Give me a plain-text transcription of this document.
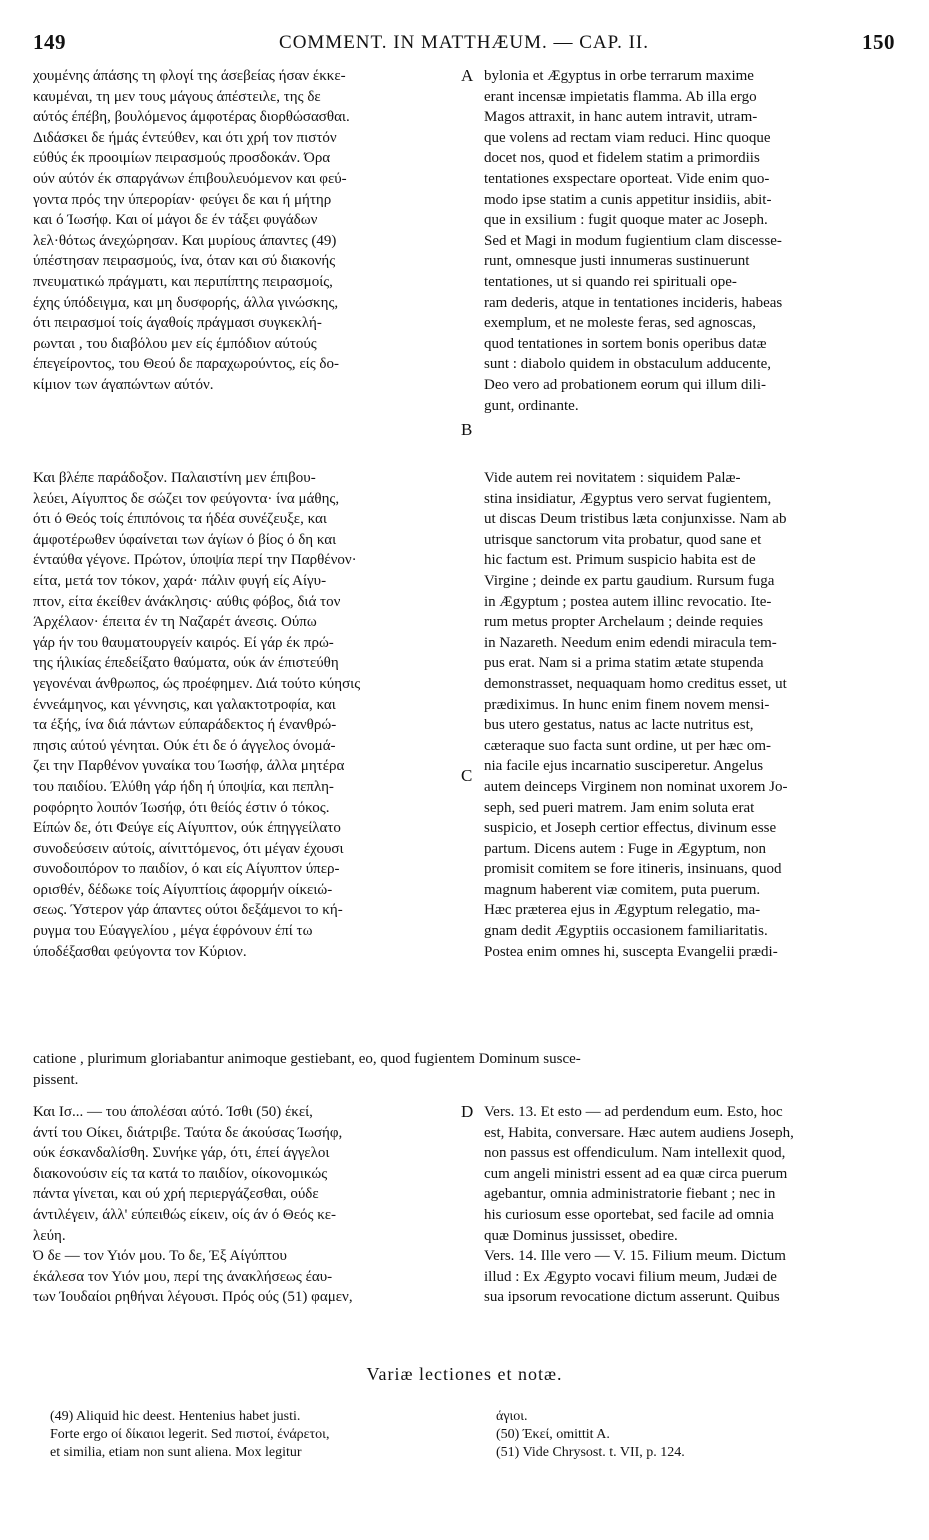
149	COMMENT. IN MATTHÆUM. — CAP. II.	150
A
B
C
D
χουμένης άπάσης τη φλογί της άσεβείας ήσαν έκκε-
καυμέναι, τη μεν τους μάγους άπέστειλε, της δε
αύτός έπέβη, βουλόμενος άμφοτέρας διορθώσασθαι.
Διδάσκει δε ήμάς έντεύθεν, και ότι χρή τον πιστόν
εύθύς έκ προοιμίων πειρασμούς προσδοκάν. Όρα
ούν αύτόν έκ σπαργάνων έπιβουλευόμενον και φεύ-
γοντα πρός την ύπερορίαν· φεύγει δε και ή μήτηρ
και ό Ίωσήφ. Και οί μάγοι δε έν τάξει φυγάδων
λελ·θότως άνεχώρησαν. Και μυρίους άπαντες (49)
ύπέστησαν πειρασμούς, ίνα, όταν και σύ διακονής
πνευματικώ πράγματι, και περιπίπτης πειρασμοίς,
έχης ύπόδειγμα, και μη δυσφορής, άλλα γινώσκης,
ότι πειρασμοί τοίς άγαθοίς πράγμασι συγκεκλή-
ρωνται , του διαβόλου μεν είς έμπόδιον αύτούς
έπεγείροντος, του Θεού δε παραχωρούντος, είς δο-
κίμιον των άγαπώντων αύτόν.
bylonia et Ægyptus in orbe terrarum maxime
erant incensæ impietatis flamma. Ab illa ergo
Magos attraxit, in hanc autem intravit, utram-
que volens ad rectam viam reduci. Hinc quoque
docet nos, quod et fidelem statim a primordiis
tentationes exspectare oporteat. Vide enim quo-
modo ipse statim a cunis appetitur insidiis, abit-
que in exsilium : fugit quoque mater ac Joseph.
Sed et Magi in modum fugientium clam discesse-
runt, omnesque justi innumeras sustinuerunt
tentationes, ut si quando rei spirituali ope-
ram dederis, atque in tentationes incideris, habeas
exemplum, et ne moleste feras, sed agnoscas,
quod tentationes in sortem bonis operibus datæ
sunt : diabolo quidem in obstaculum adducente,
Deo vero ad probationem eorum qui illum dili-
gunt, ordinante.
Και βλέπε παράδοξον. Παλαιστίνη μεν έπιβου-
λεύει, Αίγυπτος δε σώζει τον φεύγοντα· ίνα μάθης,
ότι ό Θεός τοίς έπιπόνοις τα ήδέα συνέζευξε, και
άμφοτέρωθεν ύφαίνεται των άγίων ό βίος ό δη και
ένταύθα γέγονε. Πρώτον, ύποψία περί την Παρθένον·
είτα, μετά τον τόκον, χαρά· πάλιν φυγή είς Αίγυ-
πτον, είτα έκείθεν άνάκλησις· αύθις φόβος, διά τον
Άρχέλαον· έπειτα έν τη Ναζαρέτ άνεσις. Ούπω
γάρ ήν του θαυματουργείν καιρός. Εί γάρ έκ πρώ-
της ήλικίας έπεδείξατο θαύματα, ούκ άν έπιστεύθη
γεγονέναι άνθρωπος, ώς προέφημεν. Διά τούτο κύησις
έννεάμηνος, και γέννησις, και γαλακτοτροφία, και
τα έξής, ίνα διά πάντων εύπαράδεκτος ή ένανθρώ-
πησις αύτού γένηται. Ούκ έτι δε ό άγγελος όνομά-
ζει την Παρθένον γυναίκα του Ίωσήφ, άλλα μητέρα
του παιδίου. Έλύθη γάρ ήδη ή ύποψία, και πεπλη-
ροφόρητο λοιπόν Ίωσήφ, ότι θείός έστιν ό τόκος.
Είπών δε, ότι Φεύγε είς Αίγυπτον, ούκ έπηγγείλατο
συνοδεύσειν αύτοίς, αίνιττόμενος, ότι μέγαν έχουσι
συνοδοιπόρον το παιδίον, ό και είς Αίγυπτον ύπερ-
ορισθέν, δέδωκε τοίς Αίγυπτίοις άφορμήν οίκειώ-
σεως. Ύστερον γάρ άπαντες ούτοι δεξάμενοι το κή-
ρυγμα του Εύαγγελίου , μέγα έφρόνουν έπί τω
ύποδέξασθαι φεύγοντα τον Κύριον.
Vide autem rei novitatem : siquidem Palæ-
stina insidiatur, Ægyptus vero servat fugientem,
ut discas Deum tristibus læta conjunxisse. Nam ab
utrisque sanctorum vita probatur, quod sane et
hic factum est. Primum suspicio habita est de
Virgine ; deinde ex partu gaudium. Rursum fuga
in Ægyptum ; postea autem illinc revocatio. Ite-
rum metus propter Archelaum ; deinde requies
in Nazareth. Needum enim edendi miracula tem-
pus erat. Nam si a prima statim ætate stupenda
demonstrasset, nequaquam homo creditus esset, ut
prædiximus. In hunc enim finem novem mensi-
bus utero gestatus, natus ac lacte nutritus est,
cæteraque suo facta sunt ordine, ut per hæc om-
nia facile ejus incarnatio susciperetur. Angelus
autem deinceps Virginem non nominat uxorem Jo-
seph, sed pueri matrem. Jam enim soluta erat
suspicio, et Joseph certior effectus, divinum esse
partum. Dicens autem : Fuge in Ægyptum, non
promisit comitem se fore itineris, insinuans, quod
magnum haberent viæ comitem, puta puerum.
Hæc præterea ejus in Ægyptum relegatio, ma-
gnam dedit Ægyptiis occasionem familiaritatis.
Postea enim omnes hi, suscepta Evangelii prædi-
catione , plurimum gloriabantur animoque gestiebant, eo, quod fugientem Dominum susce-
pissent.
Και Ισ... — του άπολέσαι αύτό. Ίσθι (50) έκεί,
άντί του Οίκει, διάτριβε. Ταύτα δε άκούσας Ίωσήφ,
ούκ έσκανδαλίσθη. Συνήκε γάρ, ότι, έπεί άγγελοι
διακονούσιν είς τα κατά το παιδίον, οίκονομικώς
πάντα γίνεται, και ού χρή περιεργάζεσθαι, ούδε
άντιλέγειν, άλλ' εύπειθώς είκειν, οίς άν ό Θεός κε-
λεύη.
Ό δε — τον Υιόν μου. Το δε, Έξ Αίγύπτου
έκάλεσα τον Υιόν μου, περί της άνακλήσεως έαυ-
των Ίουδαίοι ρηθήναι λέγουσι. Πρός ούς (51) φαμεν,
Vers. 13. Et esto — ad perdendum eum. Esto, hoc
est, Habita, conversare. Hæc autem audiens Joseph,
non passus est offendiculum. Nam intellexit quod,
cum angeli ministri essent ad ea quæ circa puerum
agebantur, omnia administratorie fiebant ; nec in
his curiosum esse oportebat, sed facile ad omnia
quæ Dominus jussisset, obedire.
Vers. 14. Ille vero — V. 15. Filium meum. Dictum
illud : Ex Ægypto vocavi filium meum, Judæi de
sua ipsorum revocatione dictum asserunt. Quibus
Variæ lectiones et notæ.
(49) Aliquid hic deest. Hentenius habet justi.
Forte ergo οί δίκαιοι legerit. Sed πιστοί, ένάρετοι,
et similia, etiam non sunt aliena. Mox legitur
άγιοι.
(50) Έκεί, omittit A.
(51) Vide Chrysost. t. VII, p. 124.
